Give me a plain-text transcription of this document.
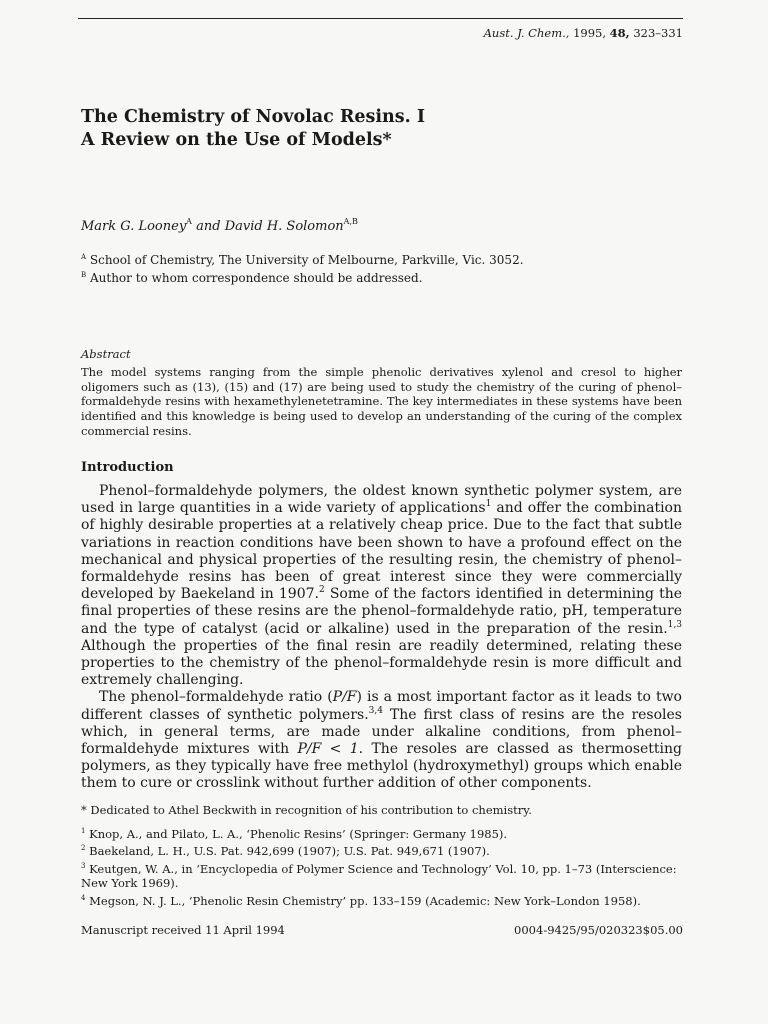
Aust. J. Chem., 1995, 48, 323–331
The Chemistry of Novolac Resins. I
A Review on the Use of Models*
Mark G. Looney$^A$ and David H. Solomon$^{A,B}$
$^A$ School of Chemistry, The University of Melbourne, Parkville, Vic. 3052.
$^B$ Author to whom correspondence should be addressed.
Abstract
The model systems ranging from the simple phenolic derivatives xylenol and cresol to higher oligomers such as (13), (15) and (17) are being used to study the chemistry of the curing of phenol–formaldehyde resins with hexamethylenetetramine. The key intermediates in these systems have been identified and this knowledge is being used to develop an understanding of the curing of the complex commercial resins.
Introduction

Phenol–formaldehyde polymers, the oldest known synthetic polymer system, are used in large quantities in a wide variety of applications$^1$ and offer the combination of highly desirable properties at a relatively cheap price. Due to the fact that subtle variations in reaction conditions have been shown to have a profound effect on the mechanical and physical properties of the resulting resin, the chemistry of phenol–formaldehyde resins has been of great interest since they were commercially developed by Baekeland in 1907.$^2$ Some of the factors identified in determining the final properties of these resins are the phenol–formaldehyde ratio, pH, temperature and the type of catalyst (acid or alkaline) used in the preparation of the resin.$^{1,3}$ Although the properties of the final resin are readily determined, relating these properties to the chemistry of the phenol–formaldehyde resin is more difficult and extremely challenging.

The phenol–formaldehyde ratio (P/F) is a most important factor as it leads to two different classes of synthetic polymers.$^{3,4}$ The first class of resins are the resoles which, in general terms, are made under alkaline conditions, from phenol–formaldehyde mixtures with P/F < 1. The resoles are classed as thermosetting polymers, as they typically have free methylol (hydroxymethyl) groups which enable them to cure or crosslink without further addition of other components.

* Dedicated to Athel Beckwith in recognition of his contribution to chemistry.
$^1$ Knop, A., and Pilato, L. A., ‘Phenolic Resins’ (Springer: Germany 1985).
$^2$ Baekeland, L. H., U.S. Pat. 942,699 (1907); U.S. Pat. 949,671 (1907).
$^3$ Keutgen, W. A., in ‘Encyclopedia of Polymer Science and Technology’ Vol. 10, pp. 1–73 (Interscience: New York 1969).
$^4$ Megson, N. J. L., ‘Phenolic Resin Chemistry’ pp. 133–159 (Academic: New York–London 1958).
Manuscript received 11 April 1994	0004-9425/95/020323$05.00
